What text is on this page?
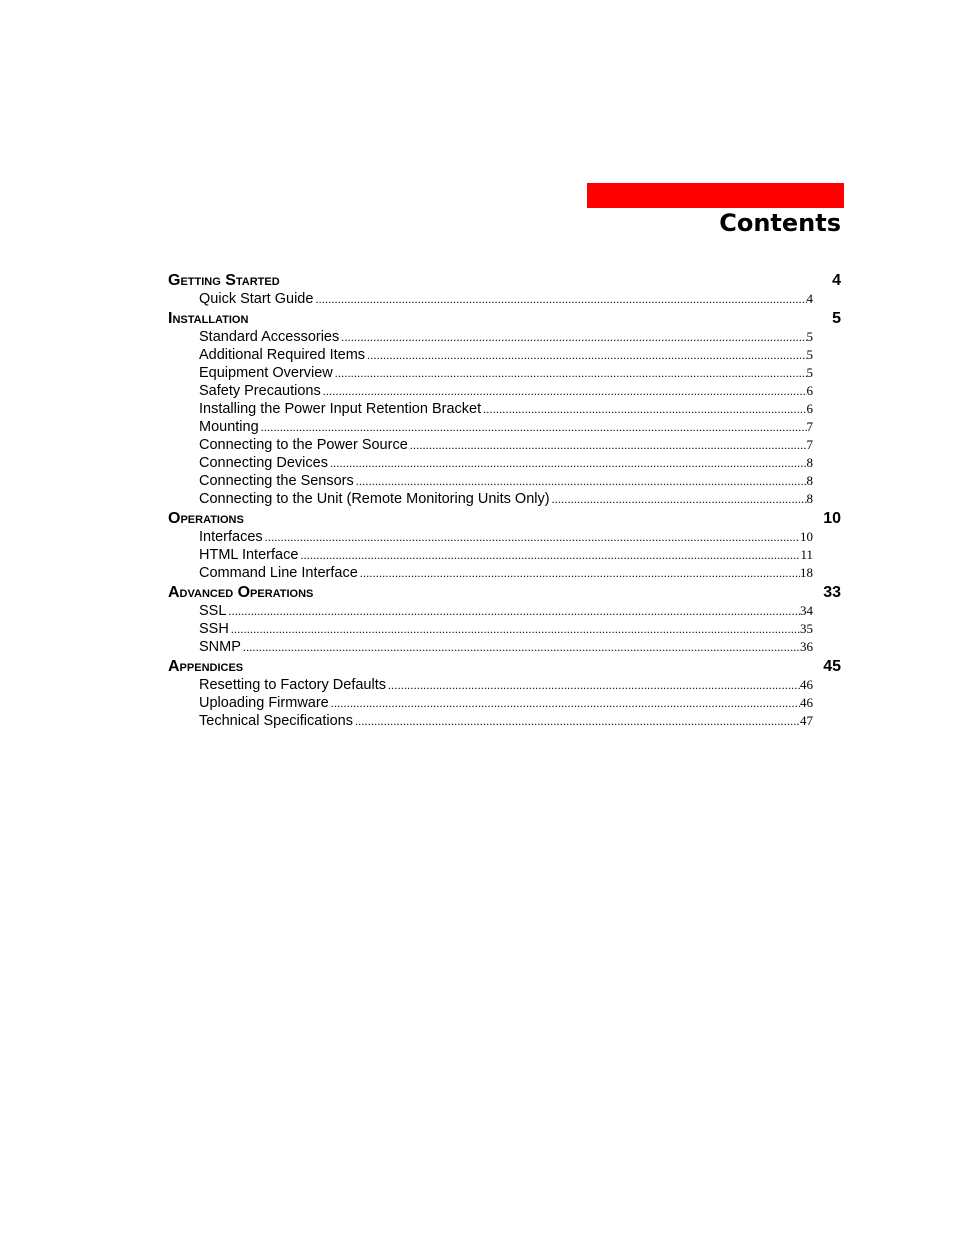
Contents
Getting Started	4
Quick Start Guide .....	4
Installation	5
Standard Accessories .....	5
Additional Required Items .....	5
Equipment Overview .....	5
Safety Precautions .....	6
Installing the Power Input Retention Bracket .....	6
Mounting .....	7
Connecting to the Power Source .....	7
Connecting Devices .....	8
Connecting the Sensors .....	8
Connecting to the Unit (Remote Monitoring Units Only) .....	8
Operations	10
Interfaces .....	10
HTML Interface .....	11
Command Line Interface .....	18
Advanced Operations	33
SSL .....	34
SSH .....	35
SNMP .....	36
Appendices	45
Resetting to Factory Defaults .....	46
Uploading Firmware .....	46
Technical Specifications .....	47
